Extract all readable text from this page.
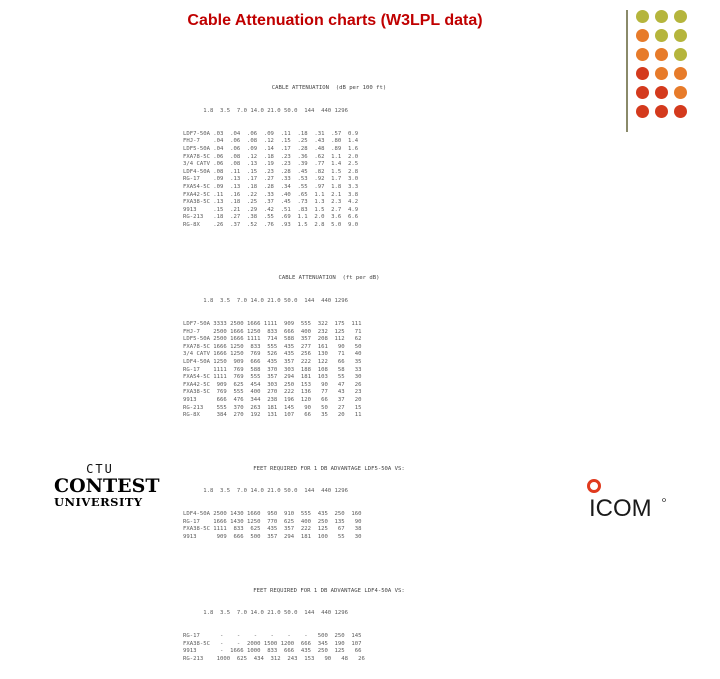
Cable Attenuation charts (W3LPL data)

CABLE ATTENUATION  (dB per 100 ft)

1.8  3.5  7.0 14.0 21.0 50.0  144  440 1296

LDF7-50A .03  .04  .06  .09  .11  .18  .31  .57  0.9
FHJ-7    .04  .06  .08  .12  .15  .25  .43  .80  1.4
LDF5-50A .04  .06  .09  .14  .17  .28  .48  .89  1.6
FXA78-5C .06  .08  .12  .18  .23  .36  .62  1.1  2.0
3/4 CATV .06  .08  .13  .19  .23  .39  .77  1.4  2.5
LDF4-50A .08  .11  .15  .23  .28  .45  .82  1.5  2.8
RG-17    .09  .13  .17  .27  .33  .53  .92  1.7  3.0
FXA54-5C .09  .13  .18  .28  .34  .55  .97  1.8  3.3
FXA42-5C .11  .16  .22  .33  .40  .65  1.1  2.1  3.8
FXA38-5C .13  .18  .25  .37  .45  .73  1.3  2.3  4.2
9913     .15  .21  .29  .42  .51  .83  1.5  2.7  4.9
RG-213   .18  .27  .38  .55  .69  1.1  2.0  3.6  6.6
RG-8X    .26  .37  .52  .76  .93  1.5  2.8  5.0  9.0

CABLE ATTENUATION  (ft per dB)

1.8  3.5  7.0 14.0 21.0 50.0  144  440 1296

LDF7-50A 3333 2500 1666 1111  909  555  322  175  111
FHJ-7    2500 1666 1250  833  666  400  232  125   71
LDF5-50A 2500 1666 1111  714  588  357  208  112   62
FXA78-5C 1666 1250  833  555  435  277  161   90   50
3/4 CATV 1666 1250  769  526  435  256  130   71   40
LDF4-50A 1250  909  666  435  357  222  122   66   35
RG-17    1111  769  588  370  303  188  108   58   33
FXA54-5C 1111  769  555  357  294  181  103   55   30
FXA42-5C  909  625  454  303  250  153   90   47   26
FXA38-5C  769  555  400  270  222  136   77   43   23
9913      666  476  344  238  196  120   66   37   20
RG-213    555  370  263  181  145   90   50   27   15
RG-8X     384  270  192  131  107   66   35   20   11

FEET REQUIRED FOR 1 DB ADVANTAGE LDF5-50A VS:

1.8  3.5  7.0 14.0 21.0 50.0  144  440 1296

LDF4-50A 2500 1430 1660  950  910  555  435  250  160
RG-17    1666 1430 1250  770  625  400  250  135   90
FXA38-5C 1111  833  625  435  357  222  125   67   38
9913      909  666  500  357  294  181  100   55   30

FEET REQUIRED FOR 1 DB ADVANTAGE LDF4-50A VS:

1.8  3.5  7.0 14.0 21.0 50.0  144  440 1296

RG-17      -    -    -    -    -    -   500  250  145
FXA38-5C   -    -  2000 1500 1200  666  345  190  107
9913       -  1666 1000  833  666  435  250  125   66
RG-213    1000  625  434  312  243  153   90   48   26

CTU
CONTEST
UNIVERSITY	ICOM
